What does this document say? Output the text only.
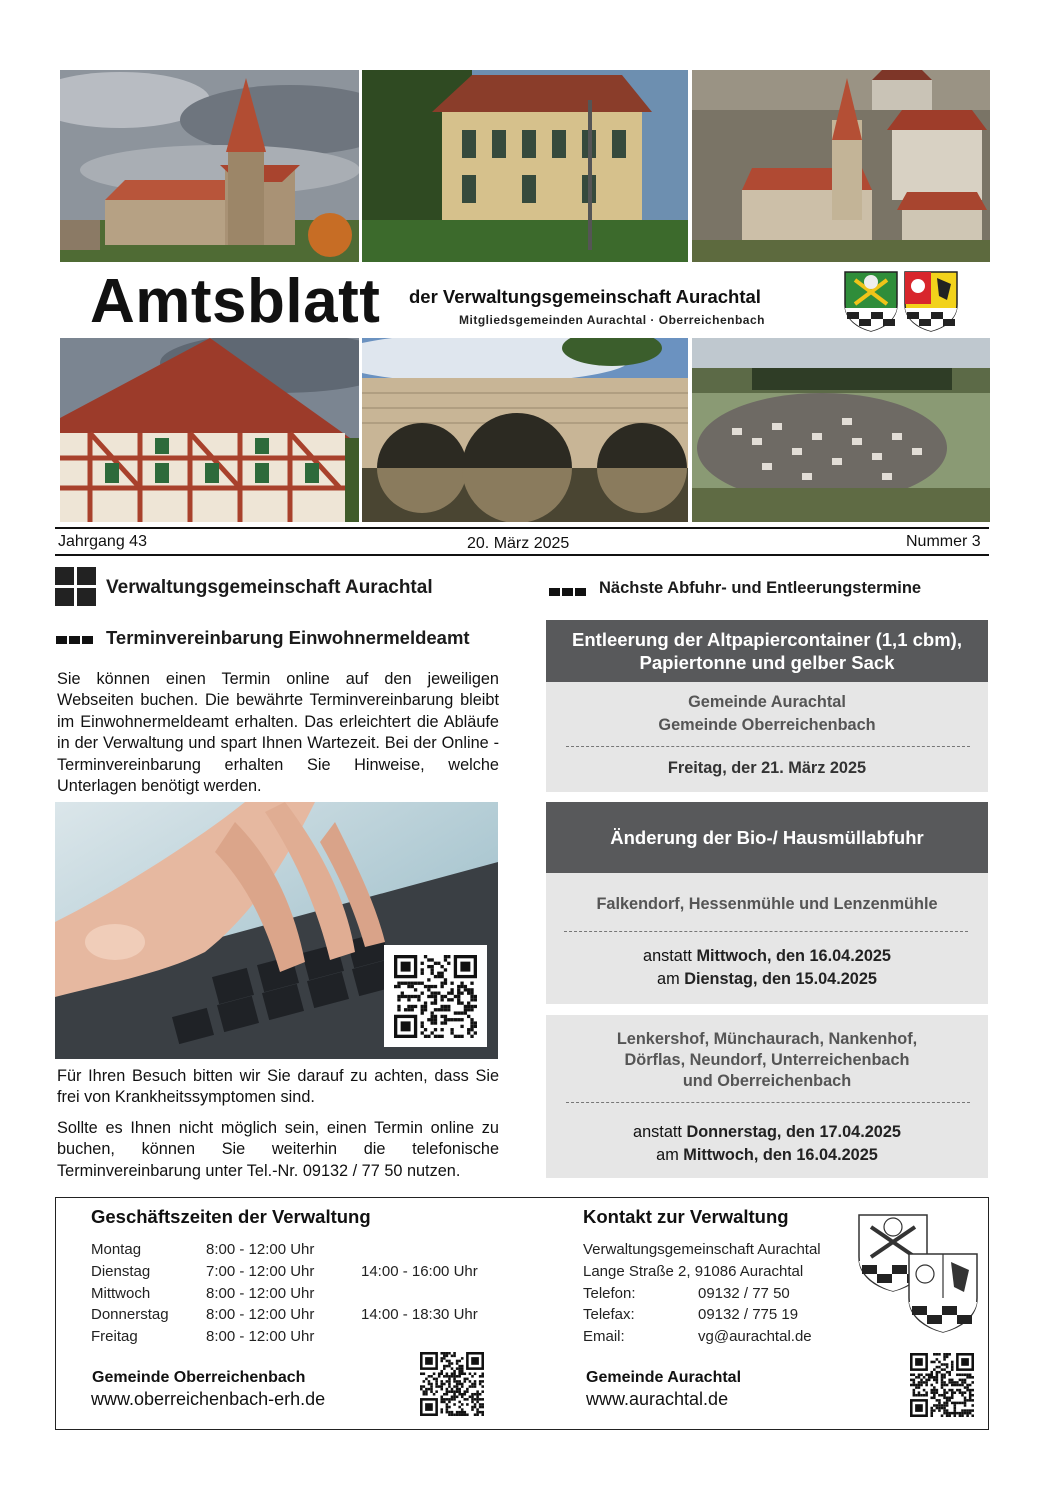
Amtsblatt der Verwaltungsgemeinschaft Aurachtal
Mitgliedsgemeinden Aurachtal · Oberreichenbach
Jahrgang 43	20. März 2025	Nummer 3
Verwaltungsgemeinschaft Aurachtal
Terminvereinbarung Einwohnermeldeamt

Sie können einen Termin online auf den jeweiligen Webseiten buchen. Die bewährte Terminvereinbarung bleibt im Einwohnermeldeamt erhalten. Das erleichtert die Abläufe in der Verwaltung und spart Ihnen Wartezeit. Bei der Online - Terminvereinbarung erhalten Sie Hinweise, welche Unterlagen benötigt werden.

Für Ihren Besuch bitten wir Sie darauf zu achten, dass Sie frei von Krankheitssymptomen sind.

Sollte es Ihnen nicht möglich sein, einen Termin online zu buchen, können Sie weiterhin die telefonische Terminvereinbarung unter Tel.-Nr. 09132 / 77 50 nutzen.

Nächste Abfuhr- und Entleerungstermine
Entleerung der Altpapiercontainer (1,1 cbm),
Papiertonne und gelber Sack
Gemeinde Aurachtal
Gemeinde Oberreichenbach
Freitag, der 21. März 2025
Änderung der Bio-/ Hausmüllabfuhr
Falkendorf, Hessenmühle und Lenzenmühle
anstatt Mittwoch, den 16.04.2025
am Dienstag, den 15.04.2025
Lenkershof, Münchaurach, Nankenhof,
Dörflas, Neundorf, Unterreichenbach
und Oberreichenbach
anstatt Donnerstag, den 17.04.2025
am Mittwoch, den 16.04.2025
Geschäftszeiten der Verwaltung
Montag	8:00 - 12:00 Uhr
Dienstag	7:00 - 12:00 Uhr	14:00 - 16:00 Uhr
Mittwoch	8:00 - 12:00 Uhr
Donnerstag 8:00 - 12:00 Uhr	14:00 - 18:30 Uhr
Freitag	8:00 - 12:00 Uhr
Gemeinde Oberreichenbach
www.oberreichenbach-erh.de
Kontakt zur Verwaltung
Verwaltungsgemeinschaft Aurachtal
Lange Straße 2, 91086 Aurachtal
Telefon:	09132 / 77 50
Telefax:	09132 / 775 19
Email:	vg@aurachtal.de
Gemeinde Aurachtal
www.aurachtal.de
